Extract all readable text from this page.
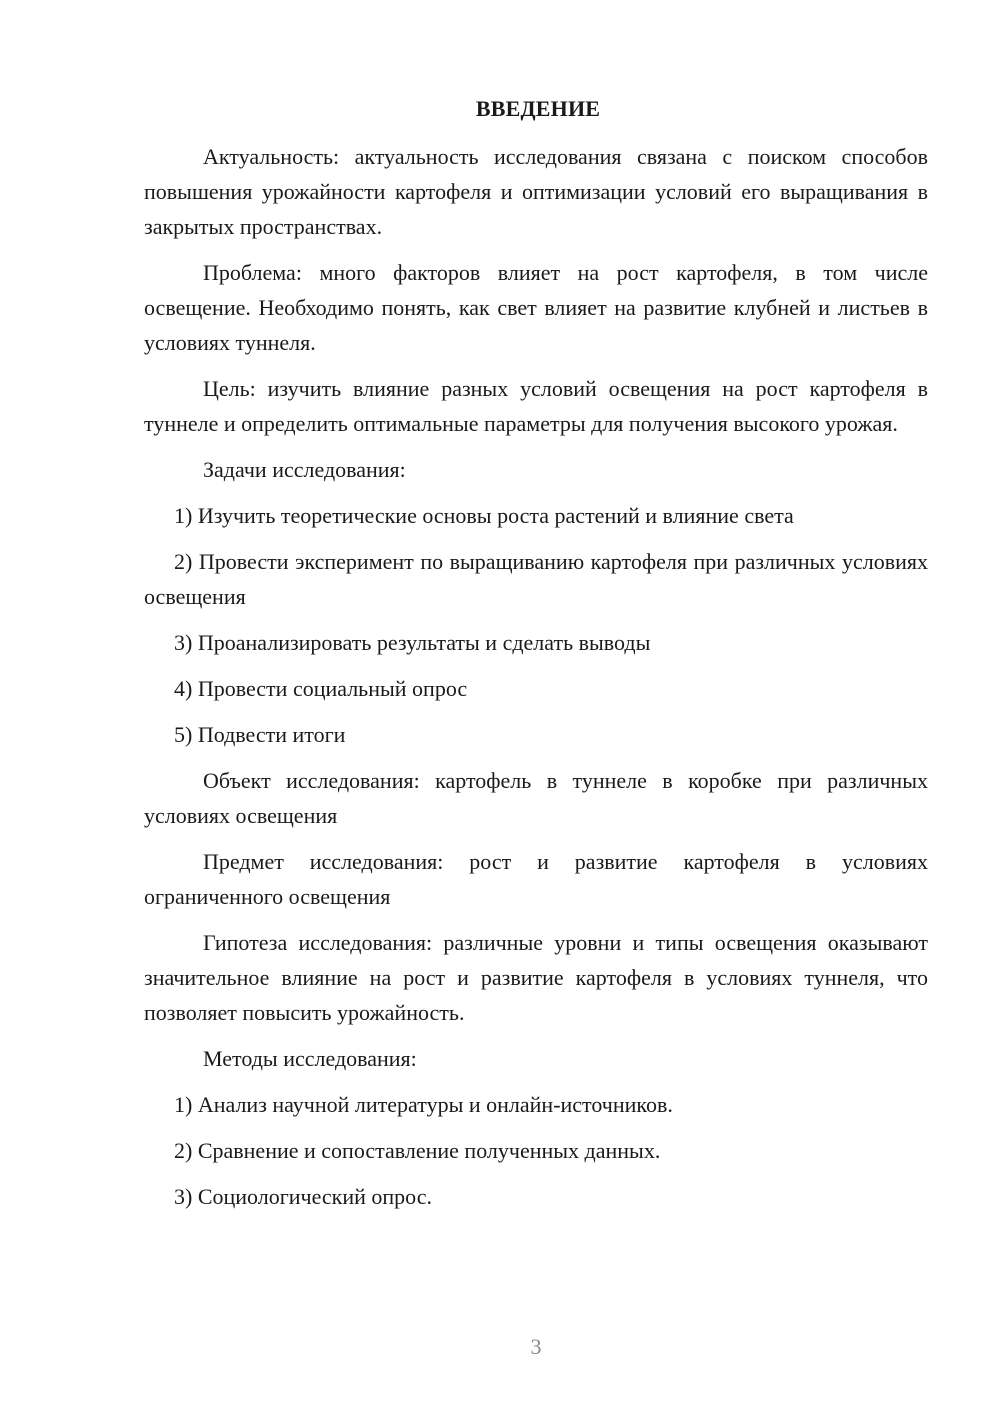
ВВЕДЕНИЕ

Актуальность: актуальность исследования связана с поиском способов повышения урожайности картофеля и оптимизации условий его выращивания в закрытых пространствах.

Проблема: много факторов влияет на рост картофеля, в том числе освещение. Необходимо понять, как свет влияет на развитие клубней и листьев в условиях туннеля.

Цель: изучить влияние разных условий освещения на рост картофеля в туннеле и определить оптимальные параметры для получения высокого урожая.

Задачи исследования:

1) Изучить теоретические основы роста растений и влияние света

2) Провести эксперимент по выращиванию картофеля при различных условиях освещения

3) Проанализировать результаты и сделать выводы

4) Провести социальный опрос

5) Подвести итоги

Объект исследования: картофель в туннеле в коробке при различных условиях освещения

Предмет исследования: рост и развитие картофеля в условиях ограниченного освещения

Гипотеза исследования: различные уровни и типы освещения оказывают значительное влияние на рост и развитие картофеля в условиях туннеля, что позволяет повысить урожайность.

Методы исследования:

1) Анализ научной литературы и онлайн-источников.

2) Сравнение и сопоставление полученных данных.

3) Социологический опрос.

3
